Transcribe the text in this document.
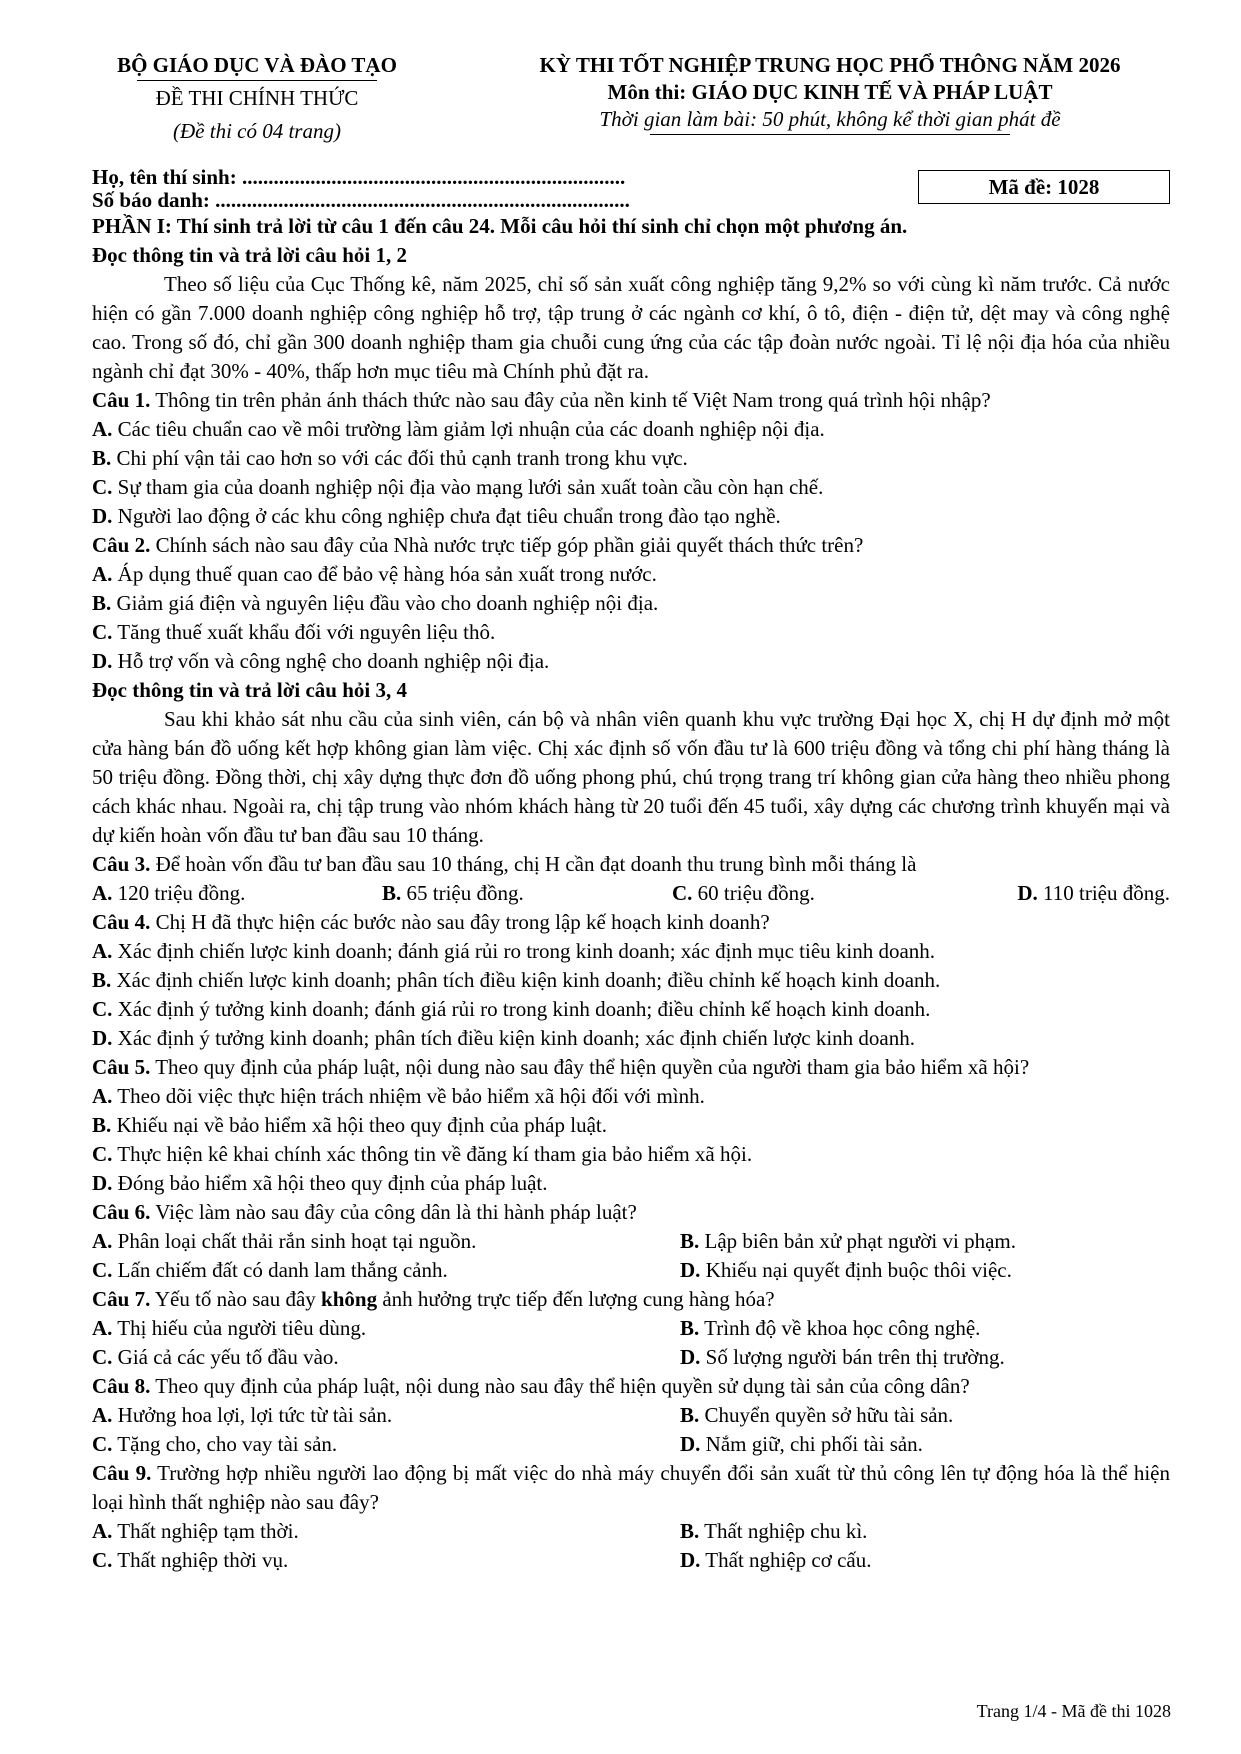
BỘ GIÁO DỤC VÀ ĐÀO TẠO
ĐỀ THI CHÍNH THỨC
(Đề thi có 04 trang)
KỲ THI TỐT NGHIỆP TRUNG HỌC PHỔ THÔNG NĂM 2026
Môn thi: GIÁO DỤC KINH TẾ VÀ PHÁP LUẬT
Thời gian làm bài: 50 phút, không kể thời gian phát đề
Họ, tên thí sinh: .........................................................................
Số báo danh: ...............................................................................
Mã đề: 1028
PHẦN I: Thí sinh trả lời từ câu 1 đến câu 24. Mỗi câu hỏi thí sinh chỉ chọn một phương án.
Đọc thông tin và trả lời câu hỏi 1, 2
Theo số liệu của Cục Thống kê, năm 2025, chỉ số sản xuất công nghiệp tăng 9,2% so với cùng kì năm trước. Cả nước hiện có gần 7.000 doanh nghiệp công nghiệp hỗ trợ, tập trung ở các ngành cơ khí, ô tô, điện - điện tử, dệt may và công nghệ cao. Trong số đó, chỉ gần 300 doanh nghiệp tham gia chuỗi cung ứng của các tập đoàn nước ngoài. Tỉ lệ nội địa hóa của nhiều ngành chỉ đạt 30% - 40%, thấp hơn mục tiêu mà Chính phủ đặt ra.
Câu 1. Thông tin trên phản ánh thách thức nào sau đây của nền kinh tế Việt Nam trong quá trình hội nhập?
A. Các tiêu chuẩn cao về môi trường làm giảm lợi nhuận của các doanh nghiệp nội địa.
B. Chi phí vận tải cao hơn so với các đối thủ cạnh tranh trong khu vực.
C. Sự tham gia của doanh nghiệp nội địa vào mạng lưới sản xuất toàn cầu còn hạn chế.
D. Người lao động ở các khu công nghiệp chưa đạt tiêu chuẩn trong đào tạo nghề.
Câu 2. Chính sách nào sau đây của Nhà nước trực tiếp góp phần giải quyết thách thức trên?
A. Áp dụng thuế quan cao để bảo vệ hàng hóa sản xuất trong nước.
B. Giảm giá điện và nguyên liệu đầu vào cho doanh nghiệp nội địa.
C. Tăng thuế xuất khẩu đối với nguyên liệu thô.
D. Hỗ trợ vốn và công nghệ cho doanh nghiệp nội địa.
Đọc thông tin và trả lời câu hỏi 3, 4
Sau khi khảo sát nhu cầu của sinh viên, cán bộ và nhân viên quanh khu vực trường Đại học X, chị H dự định mở một cửa hàng bán đồ uống kết hợp không gian làm việc. Chị xác định số vốn đầu tư là 600 triệu đồng và tổng chi phí hàng tháng là 50 triệu đồng. Đồng thời, chị xây dựng thực đơn đồ uống phong phú, chú trọng trang trí không gian cửa hàng theo nhiều phong cách khác nhau. Ngoài ra, chị tập trung vào nhóm khách hàng từ 20 tuổi đến 45 tuổi, xây dựng các chương trình khuyến mại và dự kiến hoàn vốn đầu tư ban đầu sau 10 tháng.
Câu 3. Để hoàn vốn đầu tư ban đầu sau 10 tháng, chị H cần đạt doanh thu trung bình mỗi tháng là
A. 120 triệu đồng.	B. 65 triệu đồng.	C. 60 triệu đồng.	D. 110 triệu đồng.
Câu 4. Chị H đã thực hiện các bước nào sau đây trong lập kế hoạch kinh doanh?
A. Xác định chiến lược kinh doanh; đánh giá rủi ro trong kinh doanh; xác định mục tiêu kinh doanh.
B. Xác định chiến lược kinh doanh; phân tích điều kiện kinh doanh; điều chỉnh kế hoạch kinh doanh.
C. Xác định ý tưởng kinh doanh; đánh giá rủi ro trong kinh doanh; điều chỉnh kế hoạch kinh doanh.
D. Xác định ý tưởng kinh doanh; phân tích điều kiện kinh doanh; xác định chiến lược kinh doanh.
Câu 5. Theo quy định của pháp luật, nội dung nào sau đây thể hiện quyền của người tham gia bảo hiểm xã hội?
A. Theo dõi việc thực hiện trách nhiệm về bảo hiểm xã hội đối với mình.
B. Khiếu nại về bảo hiểm xã hội theo quy định của pháp luật.
C. Thực hiện kê khai chính xác thông tin về đăng kí tham gia bảo hiểm xã hội.
D. Đóng bảo hiểm xã hội theo quy định của pháp luật.
Câu 6. Việc làm nào sau đây của công dân là thi hành pháp luật?
A. Phân loại chất thải rắn sinh hoạt tại nguồn.	B. Lập biên bản xử phạt người vi phạm.
C. Lấn chiếm đất có danh lam thắng cảnh.	D. Khiếu nại quyết định buộc thôi việc.
Câu 7. Yếu tố nào sau đây không ảnh hưởng trực tiếp đến lượng cung hàng hóa?
A. Thị hiếu của người tiêu dùng.	B. Trình độ về khoa học công nghệ.
C. Giá cả các yếu tố đầu vào.	D. Số lượng người bán trên thị trường.
Câu 8. Theo quy định của pháp luật, nội dung nào sau đây thể hiện quyền sử dụng tài sản của công dân?
A. Hưởng hoa lợi, lợi tức từ tài sản.	B. Chuyển quyền sở hữu tài sản.
C. Tặng cho, cho vay tài sản.	D. Nắm giữ, chi phối tài sản.
Câu 9. Trường hợp nhiều người lao động bị mất việc do nhà máy chuyển đổi sản xuất từ thủ công lên tự động hóa là thể hiện loại hình thất nghiệp nào sau đây?
A. Thất nghiệp tạm thời.	B. Thất nghiệp chu kì.
C. Thất nghiệp thời vụ.	D. Thất nghiệp cơ cấu.
Trang 1/4 - Mã đề thi 1028
